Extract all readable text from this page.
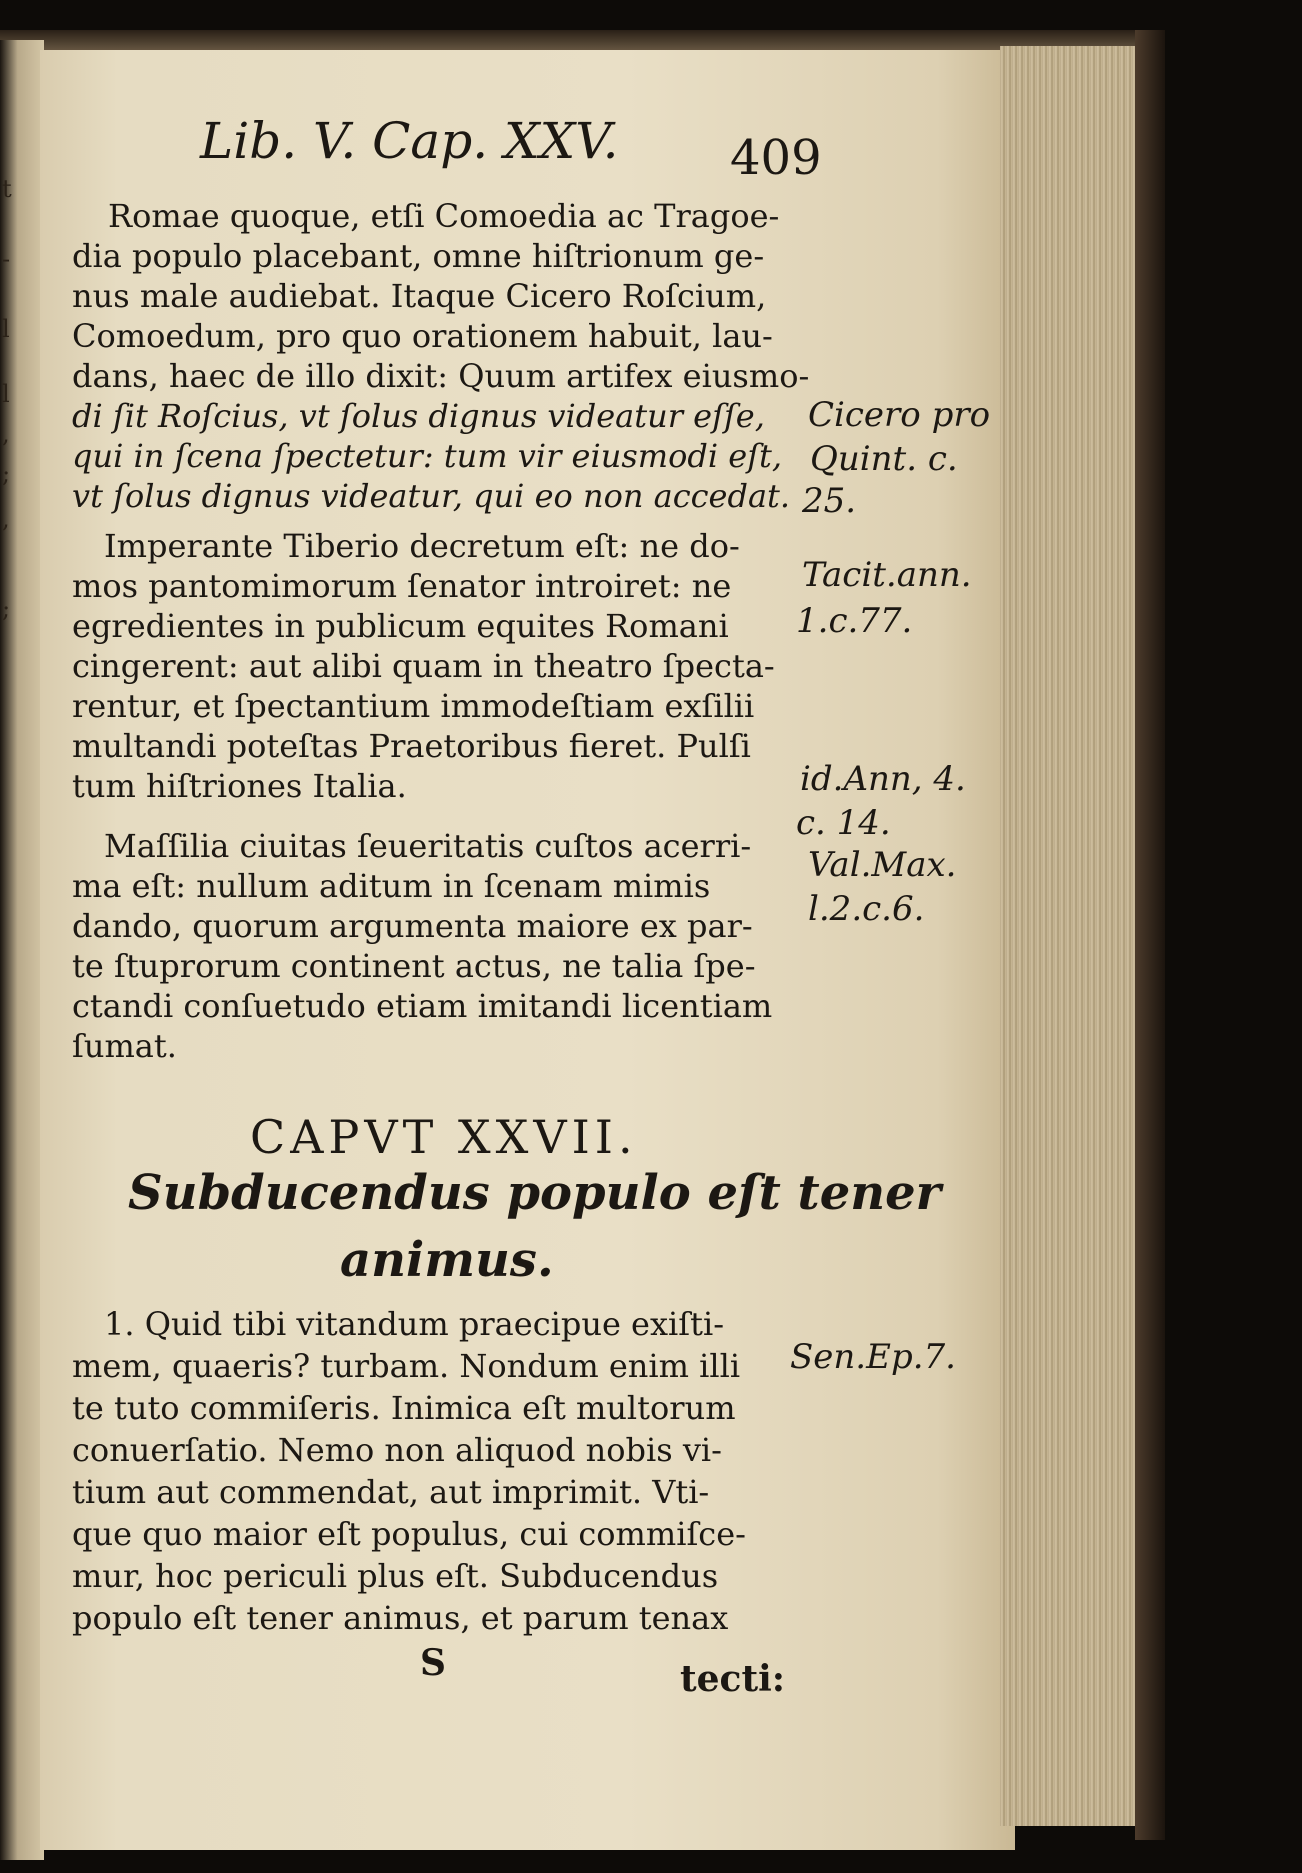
t
-
l
l
,
;
,
;
Lib. V. Cap. XXV. 409
Romae quoque, etſi Comoedia ac Tragoe-
dia populo placebant, omne hiſtrionum ge-
nus male audiebat. Itaque Cicero Roſcium,
Comoedum, pro quo orationem habuit, lau-
dans, haec de illo dixit: Quum artifex eiusmo-
di ſit Roſcius, vt ſolus dignus videatur eſſe,
qui in ſcena ſpectetur: tum vir eiusmodi eſt,
vt ſolus dignus videatur, qui eo non accedat.
Imperante Tiberio decretum eſt: ne do-
mos pantomimorum ſenator introiret: ne
egredientes in publicum equites Romani
cingerent: aut alibi quam in theatro ſpecta-
rentur, et ſpectantium immodeſtiam exſilii
multandi poteſtas Praetoribus fieret. Pulſi
tum hiſtriones Italia.
Maſſilia ciuitas ſeueritatis cuſtos acerri-
ma eſt: nullum aditum in ſcenam mimis
dando, quorum argumenta maiore ex par-
te ſtuprorum continent actus, ne talia ſpe-
ctandi conſuetudo etiam imitandi licentiam
ſumat.
CAPVT XXVII.
Subducendus populo eſt tener
animus.
1. Quid tibi vitandum praecipue exiſti-
mem, quaeris? turbam. Nondum enim illi
te tuto commiſeris. Inimica eſt multorum
conuerſatio. Nemo non aliquod nobis vi-
tium aut commendat, aut imprimit. Vti-
que quo maior eſt populus, cui commiſce-
mur, hoc periculi plus eſt. Subducendus
populo eſt tener animus, et parum tenax
Cicero pro
Quint. c.
25.
Tacit.ann.
1.c.77.
id.Ann, 4.
c. 14.
Val.Max.
l.2.c.6.
Sen.Ep.7.
S	tecti:
